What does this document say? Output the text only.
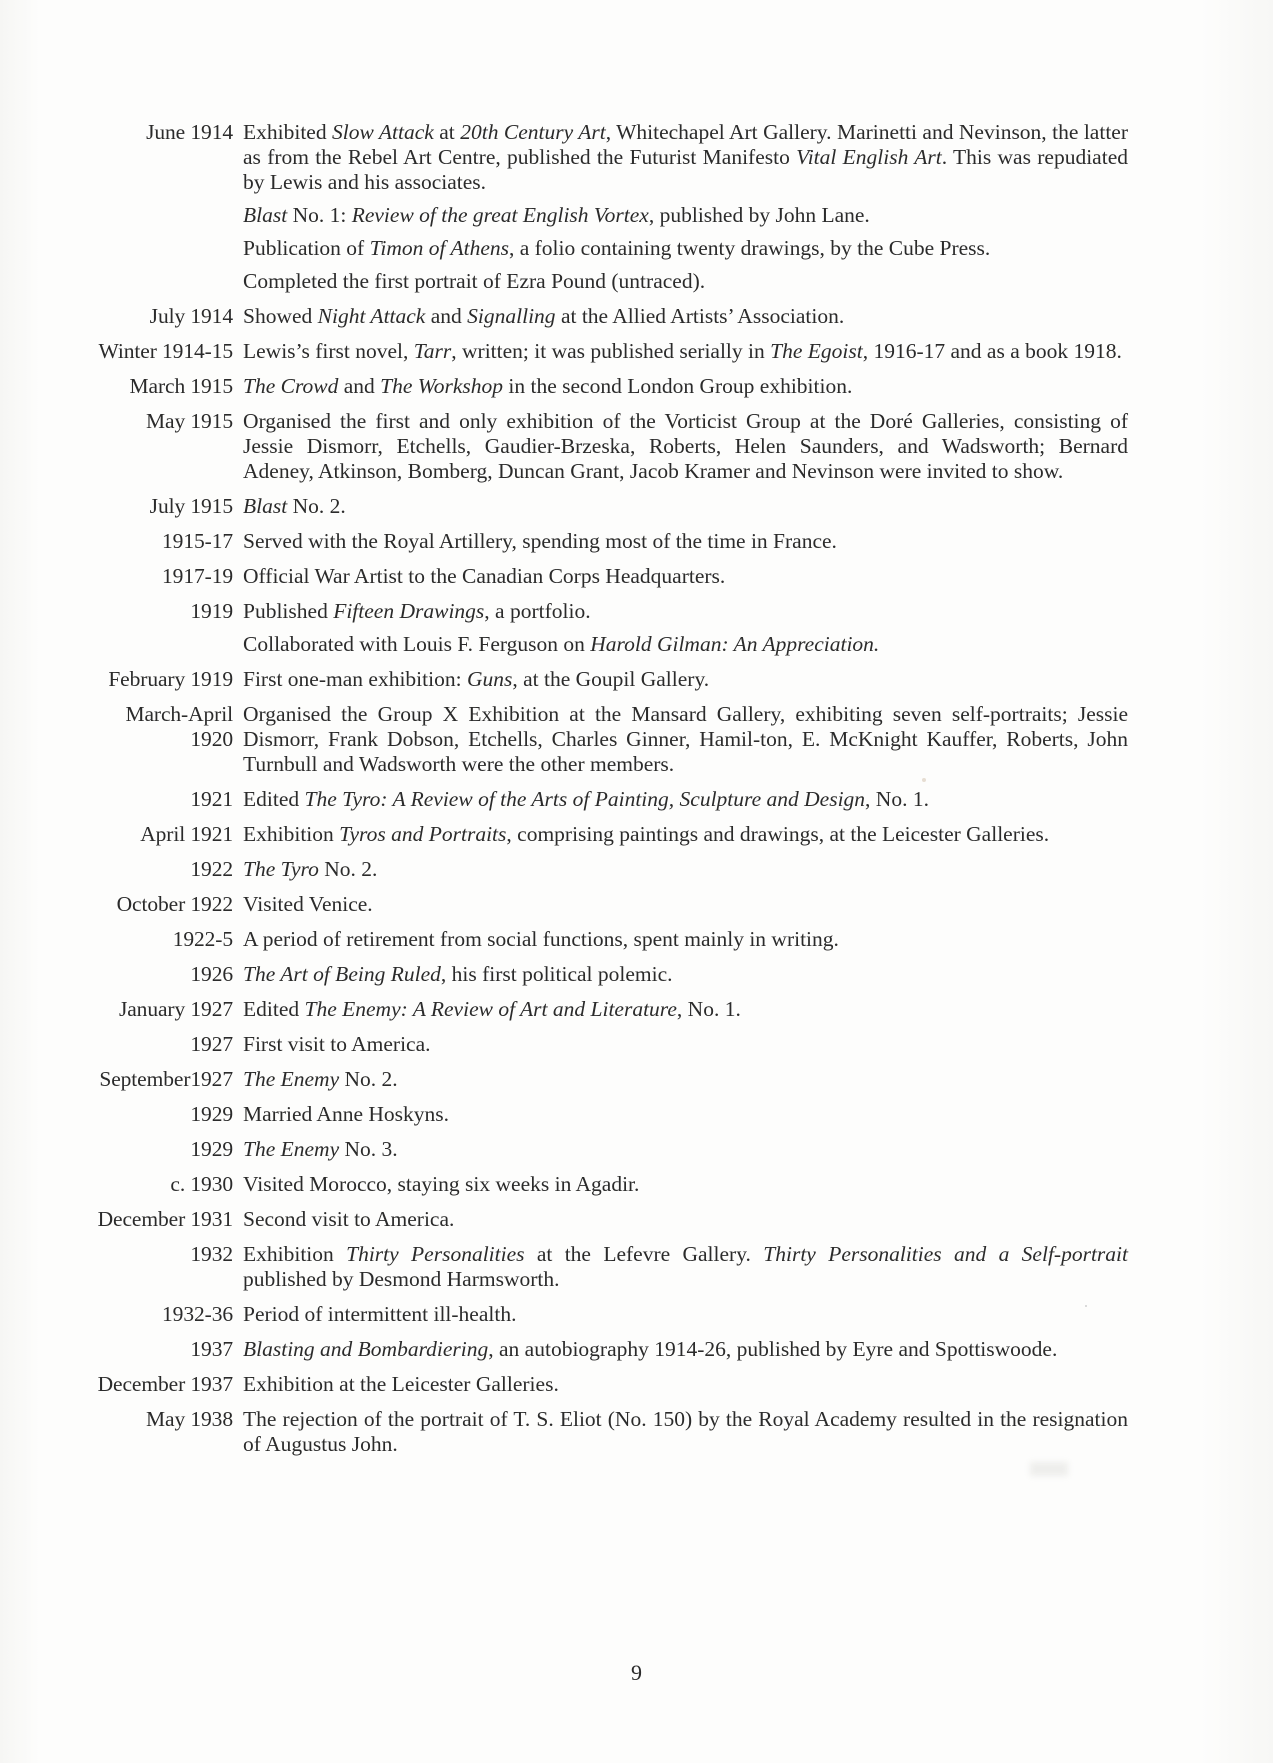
June 1914 Exhibited Slow Attack at 20th Century Art, Whitechapel Art Gallery. Marinetti and Nevinson, the latter as from the Rebel Art Centre, published the Futurist Manifesto Vital English Art. This was repudiated by Lewis and his associates.
Blast No. 1: Review of the great English Vortex, published by John Lane.
Publication of Timon of Athens, a folio containing twenty drawings, by the Cube Press.
Completed the first portrait of Ezra Pound (untraced).
July 1914 Showed Night Attack and Signalling at the Allied Artists’ Association.
Winter 1914-15 Lewis’s first novel, Tarr, written; it was published serially in The Egoist, 1916-17 and as a book 1918.
March 1915 The Crowd and The Workshop in the second London Group exhibition.
May 1915 Organised the first and only exhibition of the Vorticist Group at the Doré Galleries, consisting of Jessie Dismorr, Etchells, Gaudier-Brzeska, Roberts, Helen Saunders, and Wadsworth; Bernard Adeney, Atkinson, Bomberg, Duncan Grant, Jacob Kramer and Nevinson were invited to show.
July 1915 Blast No. 2.
1915-17 Served with the Royal Artillery, spending most of the time in France.
1917-19 Official War Artist to the Canadian Corps Headquarters.
1919 Published Fifteen Drawings, a portfolio.
Collaborated with Louis F. Ferguson on Harold Gilman: An Appreciation.
February 1919 First one-man exhibition: Guns, at the Goupil Gallery.
March-April
1920
Organised the Group X Exhibition at the Mansard Gallery, exhibiting seven self-portraits; Jessie Dismorr, Frank Dobson, Etchells, Charles Ginner, Hamil-ton, E. McKnight Kauffer, Roberts, John Turnbull and Wadsworth were the other members.
1921 Edited The Tyro: A Review of the Arts of Painting, Sculpture and Design, No. 1.
April 1921 Exhibition Tyros and Portraits, comprising paintings and drawings, at the Leicester Galleries.
1922 The Tyro No. 2.
October 1922 Visited Venice.
1922-5 A period of retirement from social functions, spent mainly in writing.
1926 The Art of Being Ruled, his first political polemic.
January 1927 Edited The Enemy: A Review of Art and Literature, No. 1.
1927 First visit to America.
September1927 The Enemy No. 2.
1929 Married Anne Hoskyns.
1929 The Enemy No. 3.
c. 1930 Visited Morocco, staying six weeks in Agadir.
December 1931 Second visit to America.
1932 Exhibition Thirty Personalities at the Lefevre Gallery. Thirty Personalities and a Self-portrait published by Desmond Harmsworth.
1932-36 Period of intermittent ill-health.
1937 Blasting and Bombardiering, an autobiography 1914-26, published by Eyre and Spottiswoode.
December 1937 Exhibition at the Leicester Galleries.
May 1938 The rejection of the portrait of T. S. Eliot (No. 150) by the Royal Academy resulted in the resignation of Augustus John.
9
